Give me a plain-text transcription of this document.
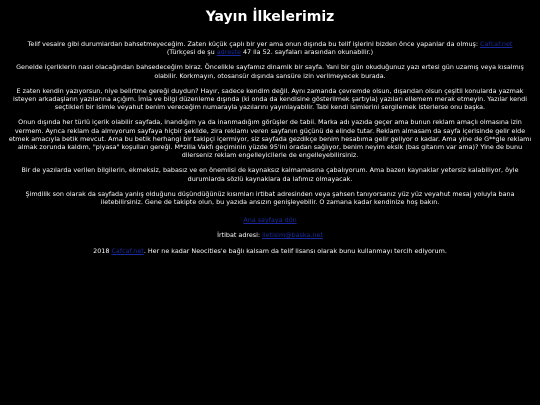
Yayın İlkelerimiz

Telif vesaire gibi durumlardan bahsetmeyeceğim. Zaten küçük çaplı bir yer ama onun dışında bu telif işlerini bizden önce yapanlar da olmuş: Cafcaf.net
(Türkçesi de şu adreste 47 ila 52. sayfaları arasından okunabilir.)

Genelde içeriklerin nasıl olacağından bahsedeceğim biraz. Öncelikle sayfamız dinamik bir sayfa. Yani bir gün okuduğunuz yazı ertesi gün uzamış veya kısalmış olabilir. Korkmayın, otosansür dışında sansüre izin verilmeyecek burada.

E zaten kendin yazıyorsun, niye belirtme gereği duydun? Hayır, sadece kendim değil. Aynı zamanda çevremde olsun, dışarıdan olsun çeşitli konularda yazmak isteyen arkadaşların yazılarına açığım. İmla ve bilgi düzenleme dışında (ki onda da kendisine gösterilmek şartıyla) yazıları ellemem merak etmeyin. Yazılar kendi seçtikleri bir isimle veyahut benim vereceğim numarayla yazılarını yayınlayabilir. Tabi kendi isimlerini sergilemek isterlerse onu başka.

Onun dışında her türlü içerik olabilir sayfada, inandığım ya da inanmadığım görüşler de tabii. Marka adı yazıda geçer ama bunun reklam amaçlı olmasına izin vermem. Ayrıca reklam da almıyorum sayfaya hiçbir şekilde, zira reklamı veren sayfanın güçünü de elinde tutar. Reklam almasam da sayfa içerisinde gelir elde etmek amacıyla betik mevcut. Ama bu betik herhangi bir takipçi içermiyor, siz sayfada gezdikçe benim hesabıma gelir geliyor o kadar. Ama yine de G**gle reklamı almak zorunda kaldım, "piyasa" koşulları gereği. M*zilla Vakfı geçiminin yüzde 95'ini oradan sağlıyor, benim neyim eksik (bas gitarım var ama)? Yine de bunu dilerseniz reklam engelleyicilerle de engelleyebilirsiniz.

Bir de yazılarda verilen bilgilerin, ekmeksiz, babasız ve en önemlisi de kaynaksız kalmamasına çabalıyorum. Ama bazen kaynaklar yetersiz kalabiliyor, öyle durumlarda sözlü kaynaklara da lafımız olmayacak.

Şimdilik son olarak da sayfada yanlış olduğunu düşündüğünüz kısımları irtibat adresinden veya şahsen tanıyorsanız yüz yüz veyahut mesaj yoluyla bana iletebilirsiniz. Gene de takipte olun, bu yazıda ansızın genişleyebilir. O zamana kadar kendinize hoş bakın.

Ana sayfaya dön

İrtibat adresi: iletisim@baska.net

2018 Cafcaf.net. Her ne kadar Neocities'e bağlı kalsam da telif lisansı olarak bunu kullanmayı tercih ediyorum.
